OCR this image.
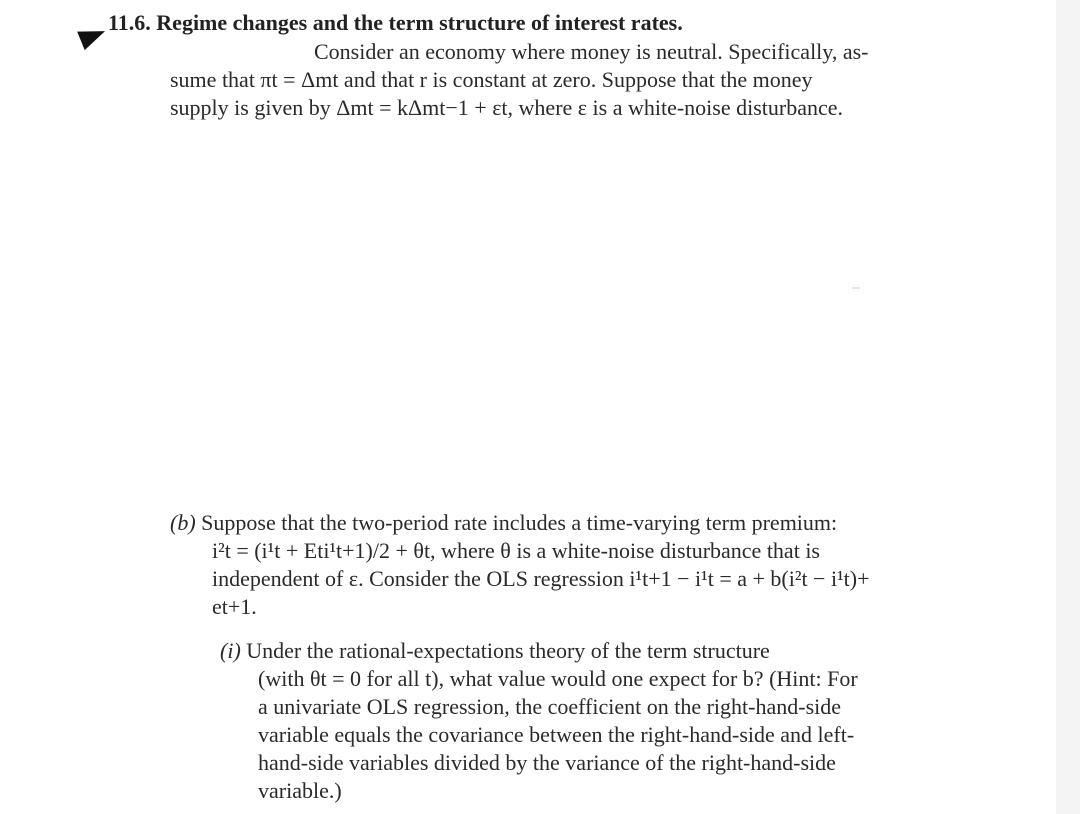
11.6. Regime changes and the term structure of interest rates.
Consider an economy where money is neutral. Specifically, as-
sume that πt = Δmt and that r is constant at zero. Suppose that the money
supply is given by Δmt = kΔmt−1 + εt, where ε is a white-noise disturbance.
(b) Suppose that the two-period rate includes a time-varying term premium:
i²t = (i¹t + Eti¹t+1)/2 + θt, where θ is a white-noise disturbance that is
independent of ε. Consider the OLS regression i¹t+1 − i¹t = a + b(i²t − i¹t)+
et+1.
(i) Under the rational-expectations theory of the term structure
(with θt = 0 for all t), what value would one expect for b? (Hint: For
a univariate OLS regression, the coefficient on the right-hand-side
variable equals the covariance between the right-hand-side and left-
hand-side variables divided by the variance of the right-hand-side
variable.)
